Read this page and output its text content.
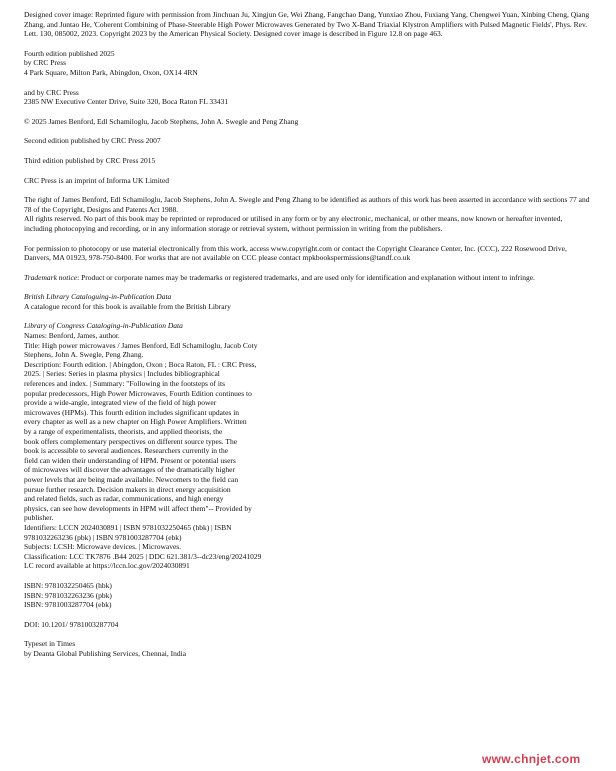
Designed cover image: Reprinted figure with permission from Jinchuan Ju, Xingjun Ge, Wei Zhang, Fangchao Dang, Yunxiao Zhou, Fuxiang Yang, Chengwei Yuan, Xinbing Cheng, Qiang Zhang, and Juntao He, 'Coherent Combining of Phase-Steerable High Power Microwaves Generated by Two X-Band Triaxial Klystron Amplifiers with Pulsed Magnetic Fields', Phys. Rev. Lett. 130, 085002, 2023. Copyright 2023 by the American Physical Society. Designed cover image is described in Figure 12.8 on page 463.

Fourth edition published 2025

by CRC Press

4 Park Square, Milton Park, Abingdon, Oxon, OX14 4RN

and by CRC Press

2385 NW Executive Center Drive, Suite 320, Boca Raton FL 33431

© 2025 James Benford, Edl Schamiloglu, Jacob Stephens, John A. Swegle and Peng Zhang

Second edition published by CRC Press 2007

Third edition published by CRC Press 2015

CRC Press is an imprint of Informa UK Limited

The right of James Benford, Edl Schamiloglu, Jacob Stephens, John A. Swegle and Peng Zhang to be identified as authors of this work has been asserted in accordance with sections 77 and 78 of the Copyright, Designs and Patents Act 1988.

All rights reserved. No part of this book may be reprinted or reproduced or utilised in any form or by any electronic, mechanical, or other means, now known or hereafter invented, including photocopying and recording, or in any information storage or retrieval system, without permission in writing from the publishers.

For permission to photocopy or use material electronically from this work, access www.copyright.com or contact the Copyright Clearance Center, Inc. (CCC), 222 Rosewood Drive, Danvers, MA 01923, 978-750-8400. For works that are not available on CCC please contact mpkbookspermissions@tandf.co.uk

Trademark notice: Product or corporate names may be trademarks or registered trademarks, and are used only for identification and explanation without intent to infringe.

British Library Cataloguing-in-Publication Data

A catalogue record for this book is available from the British Library

Library of Congress Cataloging-in-Publication Data

Names: Benford, James, author.

Title: High power microwaves / James Benford, Edl Schamiloglu, Jacob Coty

Stephens, John A. Swegle, Peng Zhang.

Description: Fourth edition. | Abingdon, Oxon ; Boca Raton, FL : CRC Press,

2025. | Series: Series in plasma physics | Includes bibliographical

references and index. | Summary: "Following in the footsteps of its

popular predecessors, High Power Microwaves, Fourth Edition continues to

provide a wide-angle, integrated view of the field of high power

microwaves (HPMs). This fourth edition includes significant updates in

every chapter as well as a new chapter on High Power Amplifiers. Written

by a range of experimentalists, theorists, and applied theorists, the

book offers complementary perspectives on different source types. The

book is accessible to several audiences. Researchers currently in the

field can widen their understanding of HPM. Present or potential users

of microwaves will discover the advantages of the dramatically higher

power levels that are being made available. Newcomers to the field can

pursue further research. Decision makers in direct energy acquisition

and related fields, such as radar, communications, and high energy

physics, can see how developments in HPM will affect them"-- Provided by

publisher.

Identifiers: LCCN 2024030891 | ISBN 9781032250465 (hbk) | ISBN

9781032263236 (pbk) | ISBN 9781003287704 (ebk)

Subjects: LCSH: Microwave devices. | Microwaves.

Classification: LCC TK7876 .B44 2025 | DDC 621.381/3--dc23/eng/20241029

LC record available at https://lccn.loc.gov/2024030891

ISBN: 9781032250465 (hbk)

ISBN: 9781032263236 (pbk)

ISBN: 9781003287704 (ebk)

DOI: 10.1201/ 9781003287704

Typeset in Times

by Deanta Global Publishing Services, Chennai, India

www.chnjet.com
